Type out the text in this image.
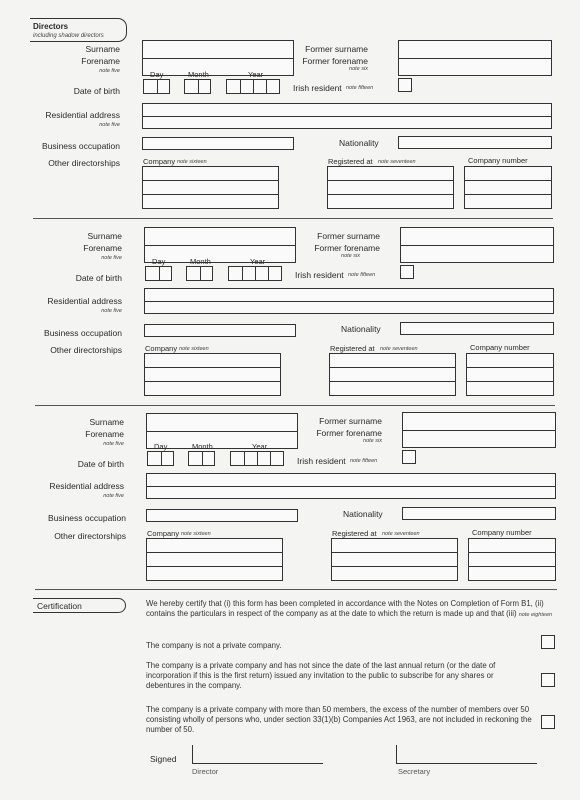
Directors
including shadow directors
Surname
Forename
note five
Former surname
Former forename
note six
Day	Month	Year
Date of birth	Irish resident note fifteen
Residential address
note five
Business occupation	Nationality
Other directorships	Company note sixteen	Registered at note seventeen	Company number
Surname
Forename
note five
Former surname
Former forename
note six
Day	Month	Year
Date of birth	Irish resident note fifteen
Residential address
note five
Business occupation	Nationality
Other directorships	Company note sixteen	Registered at note seventeen	Company number
Surname
Forename
note five
Former surname
Former forename
note six
Day	Month	Year
Date of birth	Irish resident note fifteen
Residential address
note five
Business occupation	Nationality
Other directorships	Company note sixteen	Registered at note seventeen	Company number
Certification	We hereby certify that (i) this form has been completed in accordance with the Notes on Completion of Form B1, (ii) contains the particulars in respect of the company as at the date to which the return is made up and that (iii) note eighteen
The company is not a private company.
The company is a private company and has not since the date of the last annual return (or the date of incorporation if this is the first return) issued any invitation to the public to subscribe for any shares or debentures in the company.
The company is a private company with more than 50 members, the excess of the number of members over 50 consisting wholly of persons who, under section 33(1)(b) Companies Act 1963, are not included in reckoning the number of 50.
Signed
Director	Secretary
